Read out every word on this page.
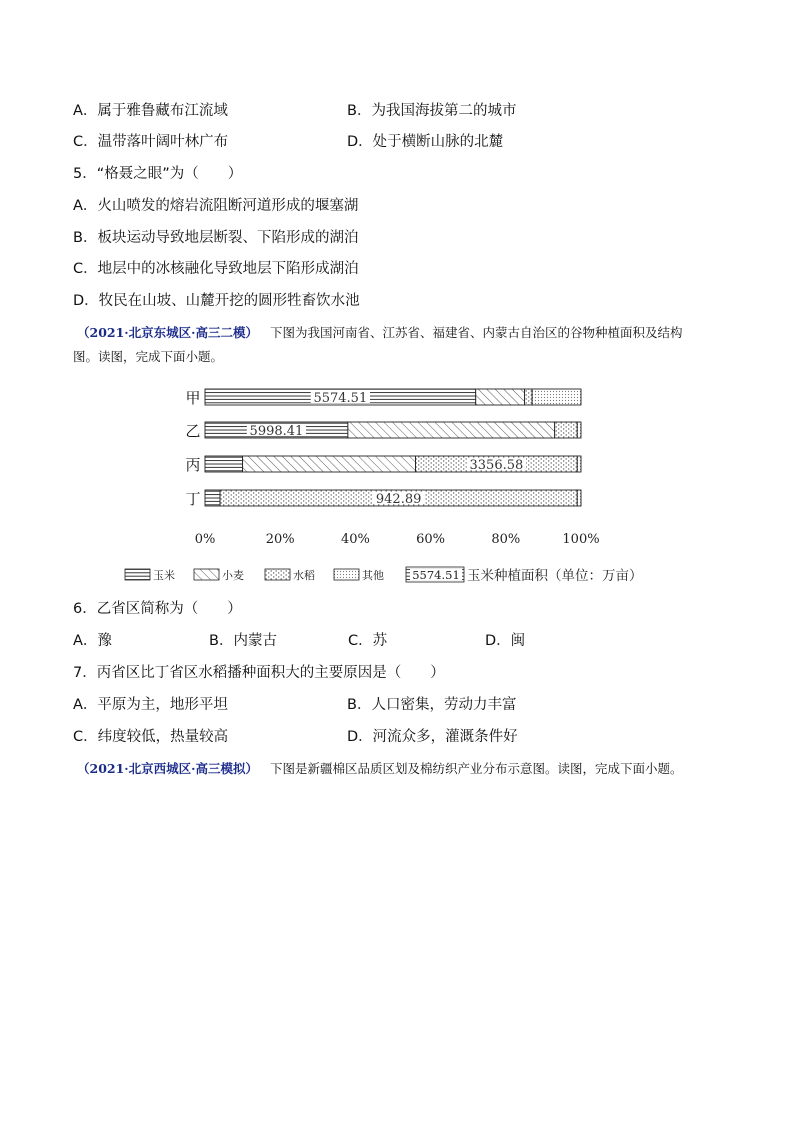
A．属于雅鲁藏布江流域	B．为我国海拔第二的城市
C．温带落叶阔叶林广布	D．处于横断山脉的北麓
5．“格聂之眼”为（　　）
A．火山喷发的熔岩流阻断河道形成的堰塞湖
B．板块运动导致地层断裂、下陷形成的湖泊
C．地层中的冰核融化导致地层下陷形成湖泊
D．牧民在山坡、山麓开挖的圆形牲畜饮水池
（2021·北京东城区·高三二模） 下图为我国河南省、江苏省、福建省、内蒙古自治区的谷物种植面积及结构
图。读图，完成下面小题。
甲	5574.51
乙	5998.41
丙	3356.58
丁	942.89
0%	20%	40%	60%	80%	100%
玉米	小麦	水稻	其他 5574.51 玉米种植面积（单位：万亩）
6．乙省区简称为（　　）
A．豫	B．内蒙古	C．苏	D．闽
7．丙省区比丁省区水稻播种面积大的主要原因是（　　）
A．平原为主，地形平坦	B．人口密集，劳动力丰富
C．纬度较低，热量较高	D．河流众多，灌溉条件好
（2021·北京西城区·高三模拟） 下图是新疆棉区品质区划及棉纺织产业分布示意图。读图，完成下面小题。
